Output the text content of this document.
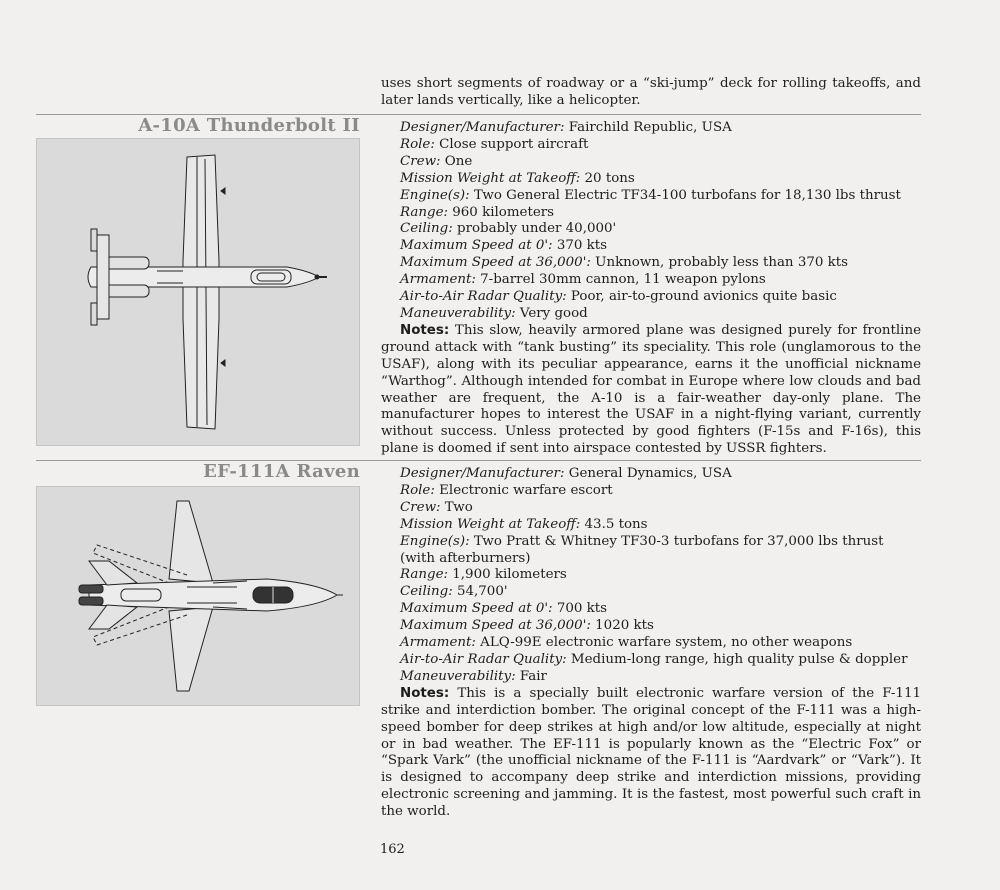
uses short segments of roadway or a “ski-jump” deck for rolling takeoffs, and later lands vertically, like a helicopter.

A-10A Thunderbolt II	Designer/Manufacturer: Fairchild Republic, USA
Role: Close support aircraft
Crew: One
Mission Weight at Takeoff: 20 tons
Engine(s): Two General Electric TF34-100 turbofans for 18,130 lbs thrust
Range: 960 kilometers
Ceiling: probably under 40,000'
Maximum Speed at 0': 370 kts
Maximum Speed at 36,000': Unknown, probably less than 370 kts
Armament: 7-barrel 30mm cannon, 11 weapon pylons
Air-to-Air Radar Quality: Poor, air-to-ground avionics quite basic
Maneuverability: Very good
Notes: This slow, heavily armored plane was designed purely for frontline ground attack with “tank busting” its speciality. This role (unglamorous to the USAF), along with its peculiar appearance, earns it the unofficial nickname “Warthog”. Although intended for combat in Europe where low clouds and bad weather are frequent, the A-10 is a fair-weather day-only plane. The manufacturer hopes to interest the USAF in a night-flying variant, currently without success. Unless protected by good fighters (F-15s and F-16s), this plane is doomed if sent into airspace contested by USSR fighters.
EF-111A Raven	Designer/Manufacturer: General Dynamics, USA
Role: Electronic warfare escort
Crew: Two
Mission Weight at Takeoff: 43.5 tons
Engine(s): Two Pratt & Whitney TF30-3 turbofans for 37,000 lbs thrust (with afterburners)
Range: 1,900 kilometers
Ceiling: 54,700'
Maximum Speed at 0': 700 kts
Maximum Speed at 36,000': 1020 kts
Armament: ALQ-99E electronic warfare system, no other weapons
Air-to-Air Radar Quality: Medium-long range, high quality pulse & doppler
Maneuverability: Fair
Notes: This is a specially built electronic warfare version of the F-111 strike and interdiction bomber. The original concept of the F-111 was a high-speed bomber for deep strikes at high and/or low altitude, especially at night or in bad weather. The EF-111 is popularly known as the “Electric Fox” or “Spark Vark” (the unofficial nickname of the F-111 is “Aardvark” or “Vark”). It is designed to accompany deep strike and interdiction missions, providing electronic screening and jamming. It is the fastest, most powerful such craft in the world.
162
